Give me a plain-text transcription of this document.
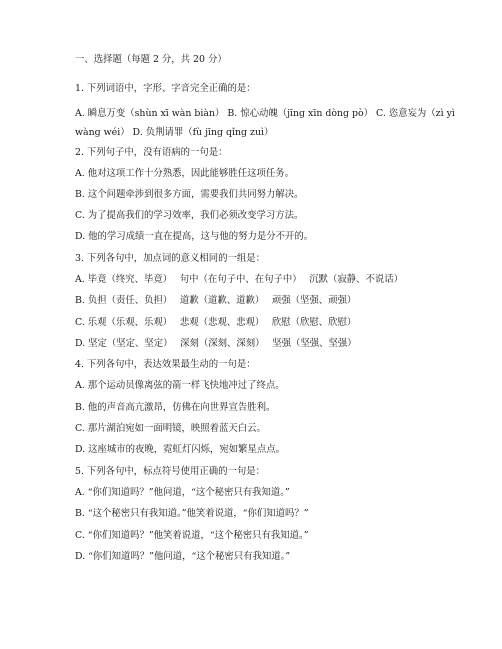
一、选择题（每题 2 分，共 20 分）
1. 下列词语中，字形、字音完全正确的是：
A. 瞬息万变（shùn xī wàn biàn） B. 惊心动魄（jīng xīn dòng pò） C. 恣意妄为（zì yì wàng wéi） D. 负荆请罪（fù jīng qǐng zuì）
2. 下列句子中，没有语病的一句是：
A. 他对这项工作十分熟悉，因此能够胜任这项任务。
B. 这个问题牵涉到很多方面，需要我们共同努力解决。
C. 为了提高我们的学习效率，我们必须改变学习方法。
D. 他的学习成绩一直在提高，这与他的努力是分不开的。
3. 下列各句中，加点词的意义相同的一组是：
A. 毕竟（终究、毕竟）　 句中（在句子中、在句子中）　 沉默（寂静、不说话）
B. 负担（责任、负担）　 道歉（道歉、道歉）　 顽强（坚强、顽强）
C. 乐观（乐观、乐观）　 悲观（悲观、悲观）　 欣慰（欣慰、欣慰）
D. 坚定（坚定、坚定）　 深刻（深刻、深刻）　 坚强（坚强、坚强）
4. 下列各句中，表达效果最生动的一句是：
A. 那个运动员像离弦的箭一样飞快地冲过了终点。
B. 他的声音高亢激昂，仿佛在向世界宣告胜利。
C. 那片湖泊宛如一面明镜，映照着蓝天白云。
D. 这座城市的夜晚，霓虹灯闪烁，宛如繁星点点。
5. 下列各句中，标点符号使用正确的一句是：
A. “你们知道吗？”他问道，“这个秘密只有我知道。”
B. “这个秘密只有我知道。”他笑着说道，“你们知道吗？”
C. “你们知道吗？”他笑着说道，“这个秘密只有我知道。”
D. “你们知道吗？”他问道，“这个秘密只有我知道。”
